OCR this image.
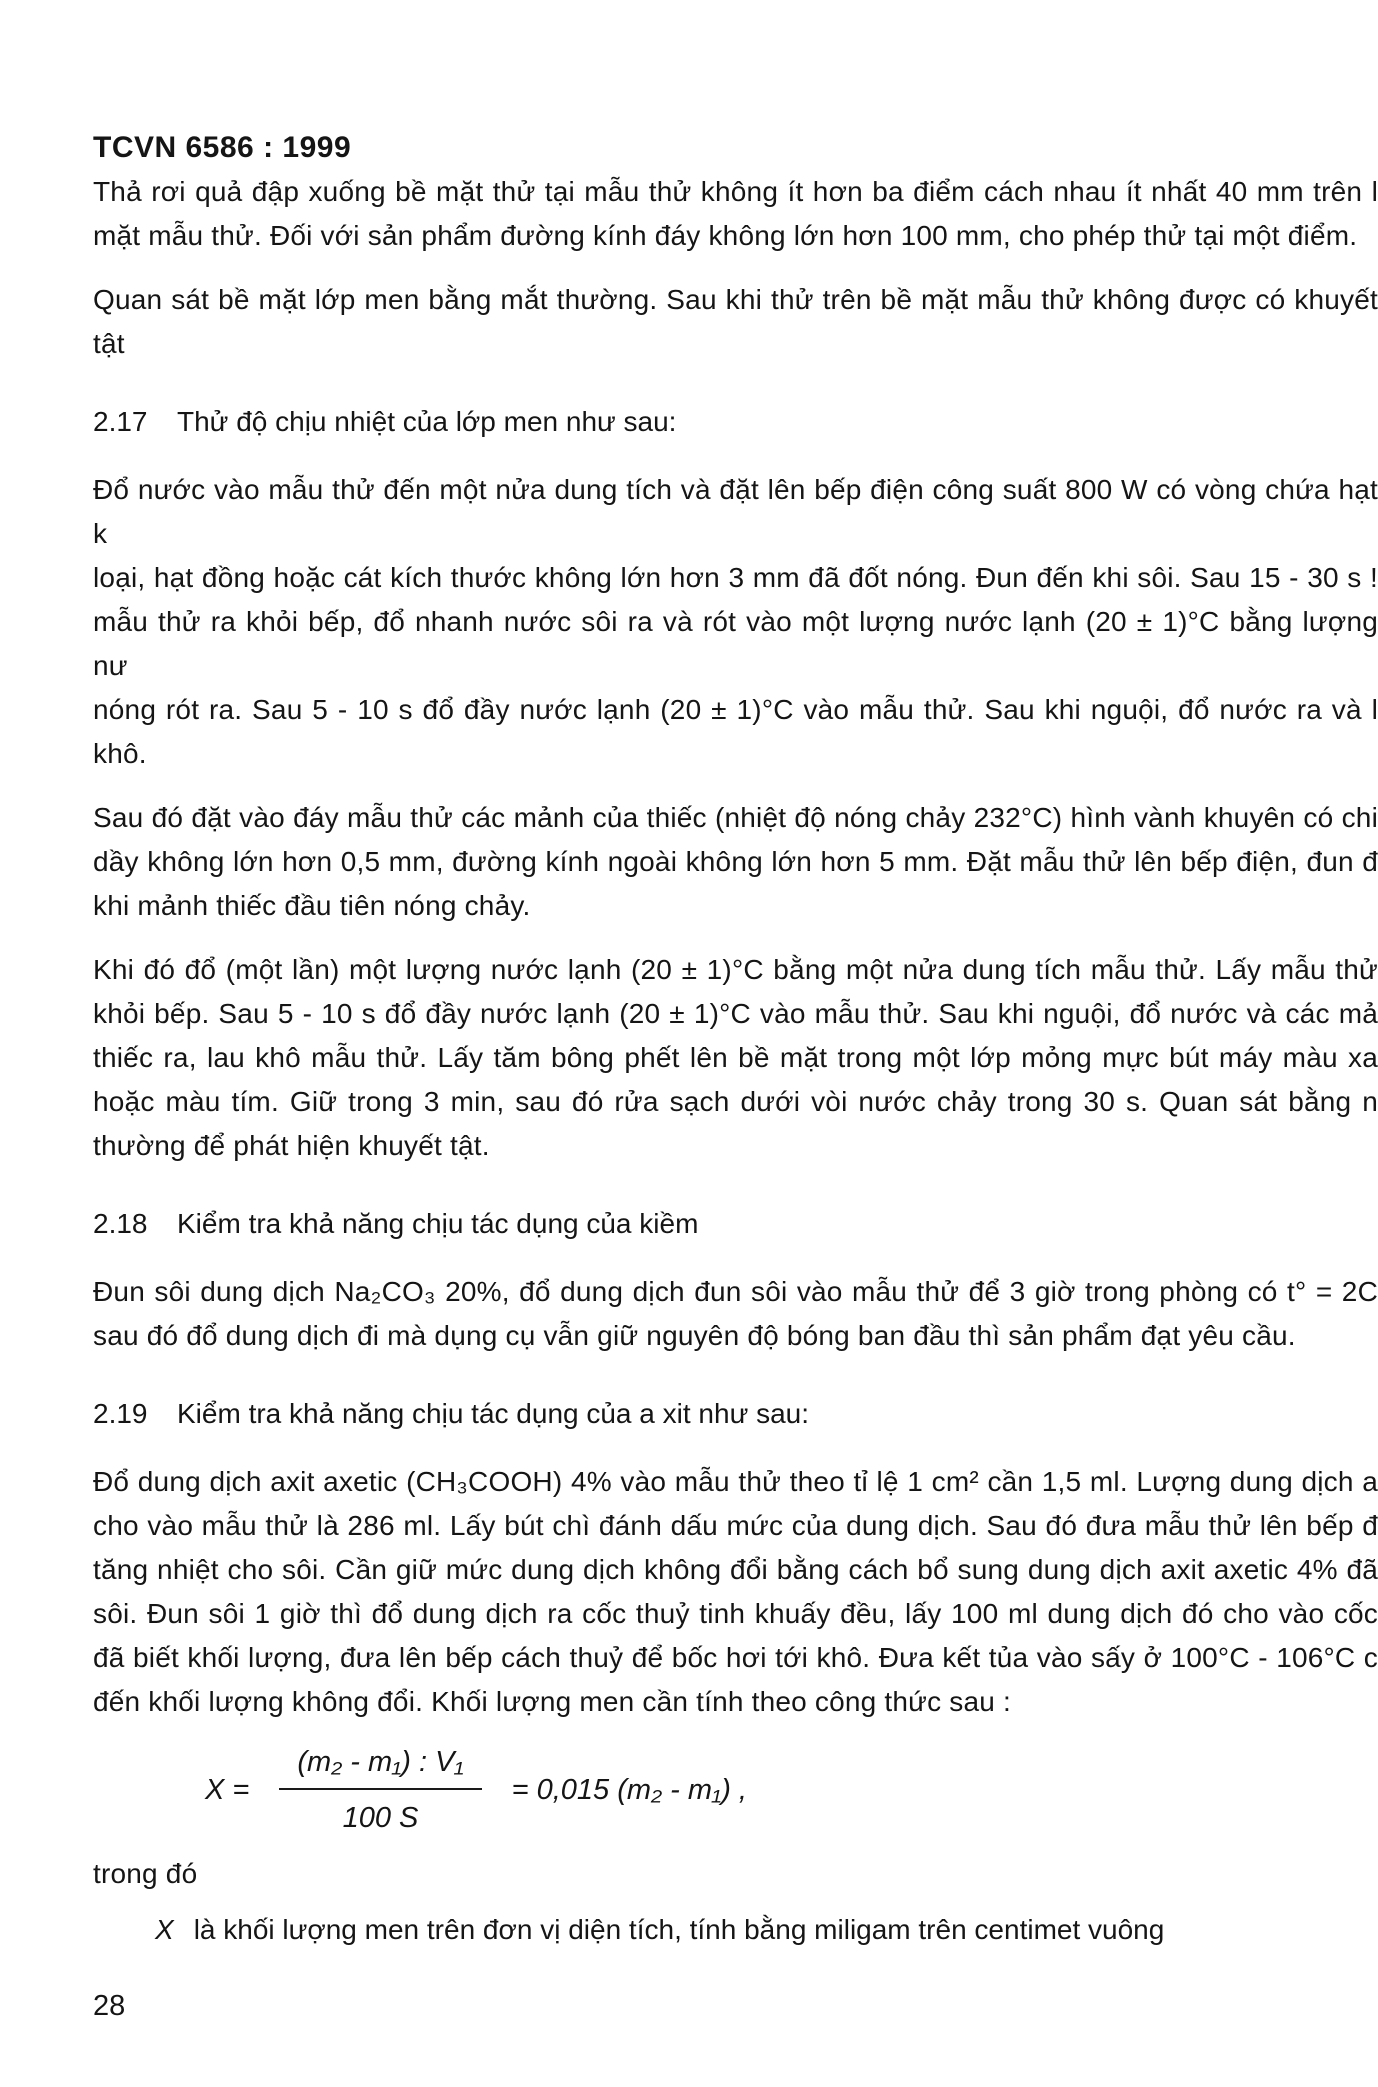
TCVN 6586 : 1999
Thả rơi quả đập xuống bề mặt thử tại mẫu thử không ít hơn ba điểm cách nhau ít nhất 40 mm trên l
mặt mẫu thử. Đối với sản phẩm đường kính đáy không lớn hơn 100 mm, cho phép thử tại một điểm.
Quan sát bề mặt lớp men bằng mắt thường. Sau khi thử trên bề mặt mẫu thử không được có khuyết tật
2.17	Thử độ chịu nhiệt của lớp men như sau:
Đổ nước vào mẫu thử đến một nửa dung tích và đặt lên bếp điện công suất 800 W có vòng chứa hạt k
loại, hạt đồng hoặc cát kích thước không lớn hơn 3 mm đã đốt nóng. Đun đến khi sôi. Sau 15 - 30 s !
mẫu thử ra khỏi bếp, đổ nhanh nước sôi ra và rót vào một lượng nước lạnh (20 ± 1)°C bằng lượng nư
nóng rót ra. Sau 5 - 10 s đổ đầy nước lạnh (20 ± 1)°C vào mẫu thử. Sau khi nguội, đổ nước ra và l
khô.
Sau đó đặt vào đáy mẫu thử các mảnh của thiếc (nhiệt độ nóng chảy 232°C) hình vành khuyên có chi
dầy không lớn hơn 0,5 mm, đường kính ngoài không lớn hơn 5 mm. Đặt mẫu thử lên bếp điện, đun đ
khi mảnh thiếc đầu tiên nóng chảy.
Khi đó đổ (một lần) một lượng nước lạnh (20 ± 1)°C bằng một nửa dung tích mẫu thử. Lấy mẫu thử
khỏi bếp. Sau 5 - 10 s đổ đầy nước lạnh (20 ± 1)°C vào mẫu thử. Sau khi nguội, đổ nước và các mả
thiếc ra, lau khô mẫu thử. Lấy tăm bông phết lên bề mặt trong một lớp mỏng mực bút máy màu xa
hoặc màu tím. Giữ trong 3 min, sau đó rửa sạch dưới vòi nước chảy trong 30 s. Quan sát bằng n
thường để phát hiện khuyết tật.
2.18	Kiểm tra khả năng chịu tác dụng của kiềm
Đun sôi dung dịch Na₂CO₃ 20%, đổ dung dịch đun sôi vào mẫu thử để 3 giờ trong phòng có t° = 2C
sau đó đổ dung dịch đi mà dụng cụ vẫn giữ nguyên độ bóng ban đầu thì sản phẩm đạt yêu cầu.
2.19	Kiểm tra khả năng chịu tác dụng của a xit như sau:
Đổ dung dịch axit axetic (CH₃COOH) 4% vào mẫu thử theo tỉ lệ 1 cm² cần 1,5 ml. Lượng dung dịch a
cho vào mẫu thử là 286 ml. Lấy bút chì đánh dấu mức của dung dịch. Sau đó đưa mẫu thử lên bếp đ
tăng nhiệt cho sôi. Cần giữ mức dung dịch không đổi bằng cách bổ sung dung dịch axit axetic 4% đã
sôi. Đun sôi 1 giờ thì đổ dung dịch ra cốc thuỷ tinh khuấy đều, lấy 100 ml dung dịch đó cho vào cốc
đã biết khối lượng, đưa lên bếp cách thuỷ để bốc hơi tới khô. Đưa kết tủa vào sấy ở 100°C - 106°C c
đến khối lượng không đổi. Khối lượng men cần tính theo công thức sau :
$X = \frac{\text{(m₂ - m₁) : V₁}}{100 S} = 0,015$ (m₂ - m₁) ,
trong đó
X là khối lượng men trên đơn vị diện tích, tính bằng miligam trên centimet vuông
28
